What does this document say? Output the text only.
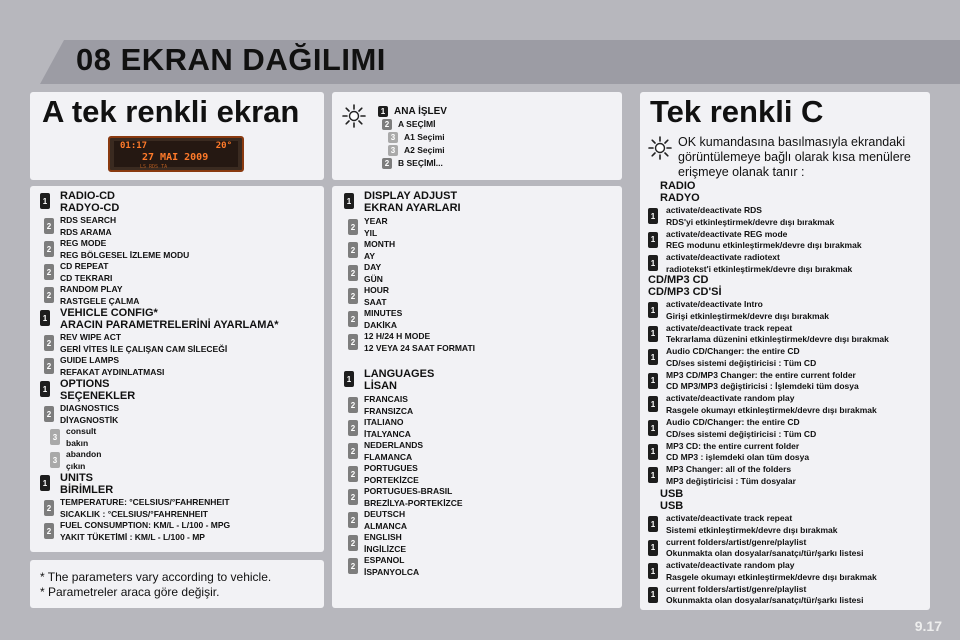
08 EKRAN DAĞILIMI
A tek renkli ekran
01:17	20°
27 MAI 2009
LS RDS TA
1 ANA İŞLEV
2	A SEÇİMİ
3	A1 Seçimi
3	A2 Seçimi
2	B SEÇİMİ...
1 RADIO-CD
RADYO-CD
2
RDS SEARCH
RDS ARAMA
2
REG MODE
REG BÖLGESEL İZLEME MODU
2
CD REPEAT
CD TEKRARI
2
RANDOM PLAY
RASTGELE ÇALMA
1 VEHICLE CONFIG*
ARACIN PARAMETRELERİNİ AYARLAMA*
2
REV WIPE ACT
GERİ VİTES İLE ÇALIŞAN CAM SİLECEĞİ
2
GUIDE LAMPS
REFAKAT AYDINLATMASI
1 OPTIONS
SEÇENEKLER
2
DIAGNOSTICS
DİYAGNOSTİK
3
consult
bakın
3
abandon
çıkın
1 UNITS
BİRİMLER
2
TEMPERATURE: °CELSIUS/°FAHRENHEIT
SICAKLIK : °CELSIUS/°FAHRENHEIT
2
FUEL CONSUMPTION: KM/L - L/100 - MPG
YAKIT TÜKETİMİ : KM/L - L/100 - MP
* The parameters vary according to vehicle.
* Parametreler araca göre değişir.
1 DISPLAY ADJUST
EKRAN AYARLARI
2
YEAR
YIL
2
MONTH
AY
2
DAY
GÜN
2
HOUR
SAAT
2
MINUTES
DAKİKA
2
12 H/24 H MODE
12 VEYA 24 SAAT FORMATI
1 LANGUAGES
LİSAN
2
FRANCAIS
FRANSIZCA
2
ITALIANO
İTALYANCA
2
NEDERLANDS
FLAMANCA
2
PORTUGUES
PORTEKİZCE
2
PORTUGUES-BRASIL
BREZİLYA-PORTEKİZCE
2
DEUTSCH
ALMANCA
2
ENGLISH
İNGİLİZCE
2
ESPANOL
İSPANYOLCA
Tek renkli C
OK kumandasına basılmasıyla ekrandaki
görüntülemeye bağlı olarak kısa menülere
erişmeye olanak tanır :
RADIO
RADYO
1
activate/deactivate RDS
RDS'yi etkinleştirmek/devre dışı bırakmak
1
activate/deactivate REG mode
REG modunu etkinleştirmek/devre dışı bırakmak
1
activate/deactivate radiotext
radiotekst'i etkinleştirmek/devre dışı bırakmak
CD/MP3 CD
CD/MP3 CD'Sİ
1
activate/deactivate Intro
Girişi etkinleştirmek/devre dışı bırakmak
1
activate/deactivate track repeat
Tekrarlama düzenini etkinleştirmek/devre dışı bırakmak
1
Audio CD/Changer: the entire CD
CD/ses sistemi değiştiricisi : Tüm CD
1
MP3 CD/MP3 Changer: the entire current folder
CD MP3/MP3 değiştiricisi : İşlemdeki tüm dosya
1
activate/deactivate random play
Rasgele okumayı etkinleştirmek/devre dışı bırakmak
1
Audio CD/Changer: the entire CD
CD/ses sistemi değiştiricisi : Tüm CD
1
MP3 CD: the entire current folder
CD MP3 : işlemdeki olan tüm dosya
1
MP3 Changer: all of the folders
MP3 değiştiricisi : Tüm dosyalar
USB
USB
1
activate/deactivate track repeat
Sistemi etkinleştirmek/devre dışı bırakmak
1
current folders/artist/genre/playlist
Okunmakta olan dosyalar/sanatçı/tür/şarkı listesi
1
activate/deactivate random play
Rasgele okumayı etkinleştirmek/devre dışı bırakmak
1
current folders/artist/genre/playlist
Okunmakta olan dosyalar/sanatçı/tür/şarkı listesi
9.17
